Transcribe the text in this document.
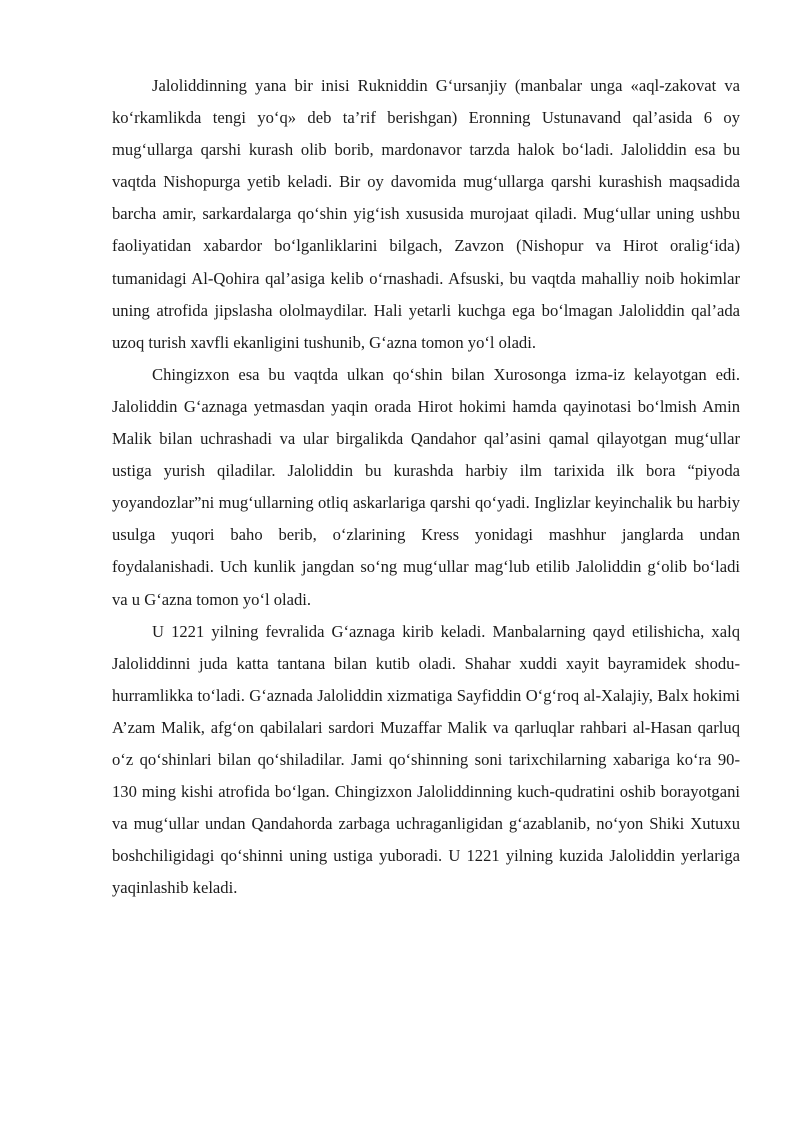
Jaloliddinning yana bir inisi Rukniddin G‘ursanjiy (manbalar unga «aql-zakovat va ko‘rkamlikda tengi yo‘q» deb ta’rif berishgan) Eronning Ustunavand qal’asida 6 oy mug‘ullarga qarshi kurash olib borib, mardonavor tarzda halok bo‘ladi. Jaloliddin esa bu vaqtda Nishopurga yetib keladi. Bir oy davomida mug‘ullarga qarshi kurashish maqsadida barcha amir, sarkardalarga qo‘shin yig‘ish xususida murojaat qiladi. Mug‘ullar uning ushbu faoliyatidan xabardor bo‘lganliklarini bilgach, Zavzon (Nishopur va Hirot oralig‘ida) tumanidagi Al-Qohira qal’asiga kelib o‘rnashadi. Afsuski, bu vaqtda mahalliy noib hokimlar uning atrofida jipslasha ololmaydilar. Hali yetarli kuchga ega bo‘lmagan Jaloliddin qal’ada uzoq turish xavfli ekanligini tushunib, G‘azna tomon yo‘l oladi.

Chingizxon esa bu vaqtda ulkan qo‘shin bilan Xurosonga izma-iz kelayotgan edi. Jaloliddin G‘aznaga yetmasdan yaqin orada Hirot hokimi hamda qayinotasi bo‘lmish Amin Malik bilan uchrashadi va ular birgalikda Qandahor qal’asini qamal qilayotgan mug‘ullar ustiga yurish qiladilar. Jaloliddin bu kurashda harbiy ilm tarixida ilk bora “piyoda yoyandozlar”ni mug‘ullarning otliq askarlariga qarshi qo‘yadi. Inglizlar keyinchalik bu harbiy usulga yuqori baho berib, o‘zlarining Kress yonidagi mashhur janglarda undan foydalanishadi. Uch kunlik jangdan so‘ng mug‘ullar mag‘lub etilib Jaloliddin g‘olib bo‘ladi va u G‘azna tomon yo‘l oladi.

U 1221 yilning fevralida G‘aznaga kirib keladi. Manbalarning qayd etilishicha, xalq Jaloliddinni juda katta tantana bilan kutib oladi. Shahar xuddi xayit bayramidek shodu-hurramlikka to‘ladi. G‘aznada Jaloliddin xizmatiga Sayfiddin O‘g‘roq al-Xalajiy, Balx hokimi A’zam Malik, afg‘on qabilalari sardori Muzaffar Malik va qarluqlar rahbari al-Hasan qarluq o‘z qo‘shinlari bilan qo‘shiladilar. Jami qo‘shinning soni tarixchilarning xabariga ko‘ra 90-130 ming kishi atrofida bo‘lgan. Chingizxon Jaloliddinning kuch-qudratini oshib borayotgani va mug‘ullar undan Qandahorda zarbaga uchraganligidan g‘azablanib, no‘yon Shiki Xutuxu boshchiligidagi qo‘shinni uning ustiga yuboradi. U 1221 yilning kuzida Jaloliddin yerlariga yaqinlashib keladi.
